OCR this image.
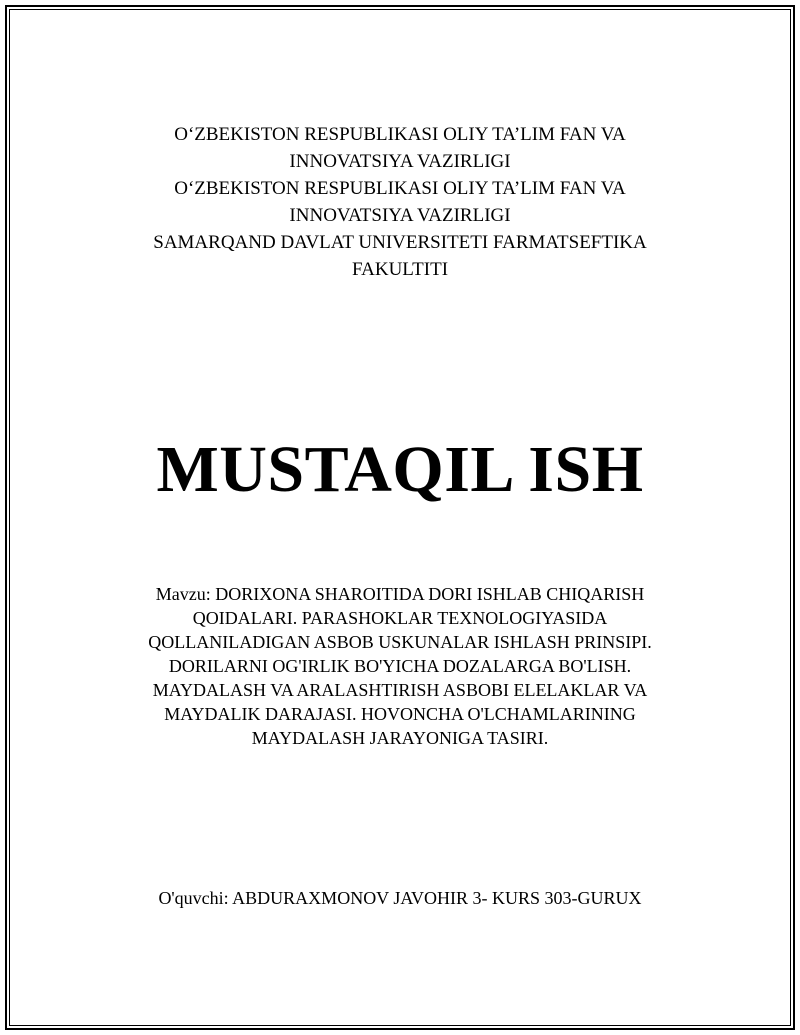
O‘ZBEKISTON RESPUBLIKASI OLIY TA’LIM FAN VA
INNOVATSIYA VAZIRLIGI
O‘ZBEKISTON RESPUBLIKASI OLIY TA’LIM FAN VA
INNOVATSIYA VAZIRLIGI
SAMARQAND DAVLAT UNIVERSITETI FARMATSEFTIKA
FAKULTITI
MUSTAQIL ISH
Mavzu: DORIXONA SHAROITIDA DORI ISHLAB CHIQARISH
QOIDALARI. PARASHOKLAR TEXNOLOGIYASIDA
QOLLANILADIGAN ASBOB USKUNALAR ISHLASH PRINSIPI.
DORILARNI OG'IRLIK BO'YICHA DOZALARGA BO'LISH.
MAYDALASH VA ARALASHTIRISH ASBOBI ELELAKLAR VA
MAYDALIK DARAJASI. HOVONCHA O'LCHAMLARINING
MAYDALASH JARAYONIGA TASIRI.
O'quvchi: ABDURAXMONOV JAVOHIR 3- KURS 303-GURUX
